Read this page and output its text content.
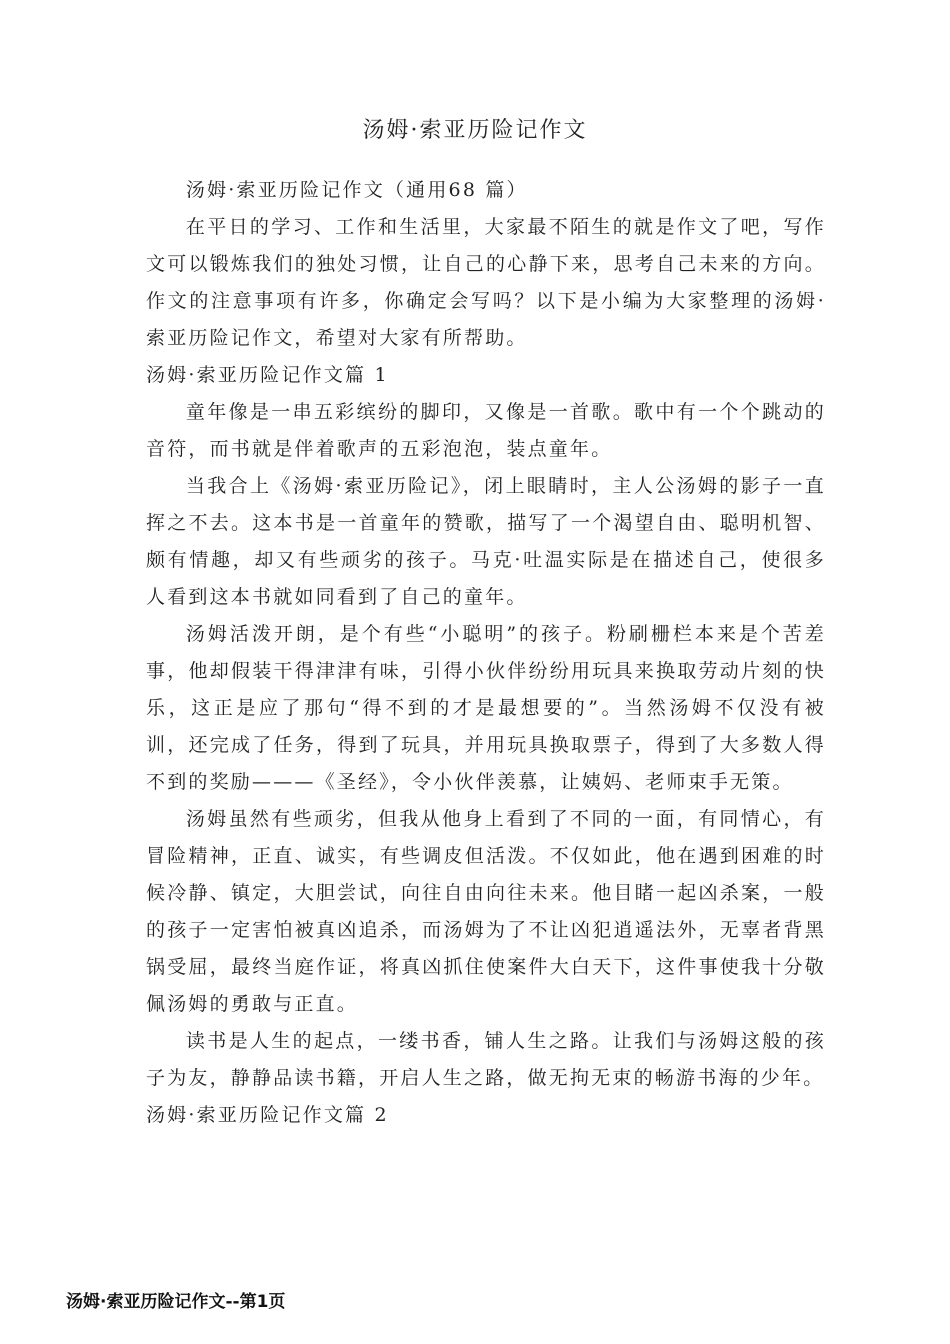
汤姆·索亚历险记作文

汤姆·索亚历险记作文（通用68 篇）

在平日的学习、工作和生活里，大家最不陌生的就是作文了吧，写作文可以锻炼我们的独处习惯，让自己的心静下来，思考自己未来的方向。作文的注意事项有许多，你确定会写吗？以下是小编为大家整理的汤姆·索亚历险记作文，希望对大家有所帮助。

汤姆·索亚历险记作文篇 1

童年像是一串五彩缤纷的脚印，又像是一首歌。歌中有一个个跳动的音符，而书就是伴着歌声的五彩泡泡，装点童年。

当我合上《汤姆·索亚历险记》，闭上眼睛时，主人公汤姆的影子一直挥之不去。这本书是一首童年的赞歌，描写了一个渴望自由、聪明机智、颇有情趣，却又有些顽劣的孩子。马克·吐温实际是在描述自己，使很多人看到这本书就如同看到了自己的童年。

汤姆活泼开朗，是个有些“小聪明”的孩子。粉刷栅栏本来是个苦差事，他却假装干得津津有味，引得小伙伴纷纷用玩具来换取劳动片刻的快乐，这正是应了那句“得不到的才是最想要的”。当然汤姆不仅没有被训，还完成了任务，得到了玩具，并用玩具换取票子，得到了大多数人得不到的奖励———《圣经》，令小伙伴羡慕，让姨妈、老师束手无策。

汤姆虽然有些顽劣，但我从他身上看到了不同的一面，有同情心，有冒险精神，正直、诚实，有些调皮但活泼。不仅如此，他在遇到困难的时候冷静、镇定，大胆尝试，向往自由向往未来。他目睹一起凶杀案，一般的孩子一定害怕被真凶追杀，而汤姆为了不让凶犯逍遥法外，无辜者背黑锅受屈，最终当庭作证，将真凶抓住使案件大白天下，这件事使我十分敬佩汤姆的勇敢与正直。

读书是人生的起点，一缕书香，铺人生之路。让我们与汤姆这般的孩子为友，静静品读书籍，开启人生之路，做无拘无束的畅游书海的少年。

汤姆·索亚历险记作文篇 2

汤姆·索亚历险记作文--第1页
